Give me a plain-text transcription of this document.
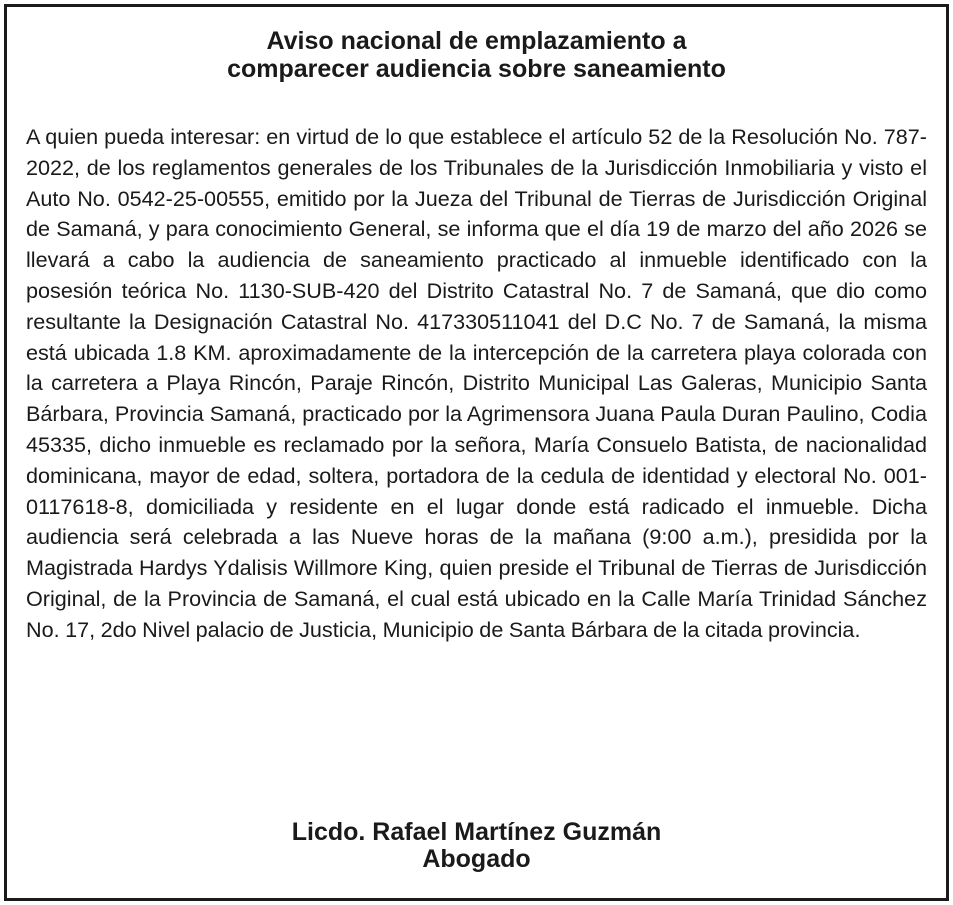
Aviso nacional de emplazamiento a
comparecer audiencia sobre saneamiento

A quien pueda interesar: en virtud de lo que establece el artículo 52 de la Resolución No. 787-2022, de los reglamentos generales de los Tribunales de la Jurisdicción Inmobiliaria y visto el Auto No. 0542-25-00555, emitido por la Jueza del Tribunal de Tierras de Jurisdicción Original de Samaná, y para conocimiento General, se informa que el día 19 de marzo del año 2026 se llevará a cabo la audiencia de saneamiento practicado al inmueble identificado con la posesión teórica No. 1130-SUB-420 del Distrito Catastral No. 7 de Samaná, que dio como resultante la Designación Catastral No. 417330511041 del D.C No. 7 de Samaná, la misma está ubicada 1.8 KM. aproximadamente de la intercepción de la carretera playa colorada con la carretera a Playa Rincón, Paraje Rincón, Distrito Municipal Las Galeras, Municipio Santa Bárbara, Provincia Samaná, practicado por la Agrimensora Juana Paula Duran Paulino, Codia 45335, dicho inmueble es reclamado por la señora, María Consuelo Batista, de nacionalidad dominicana, mayor de edad, soltera, portadora de la cedula de identidad y electoral No. 001-0117618-8, domiciliada y residente en el lugar donde está radicado el inmueble. Dicha audiencia será celebrada a las Nueve horas de la mañana (9:00 a.m.), presidida por la Magistrada Hardys Ydalisis Willmore King, quien preside el Tribunal de Tierras de Jurisdicción Original, de la Provincia de Samaná, el cual está ubicado en la Calle María Trinidad Sánchez No. 17, 2do Nivel palacio de Justicia, Municipio de Santa Bárbara de la citada provincia.

Licdo. Rafael Martínez Guzmán
Abogado
